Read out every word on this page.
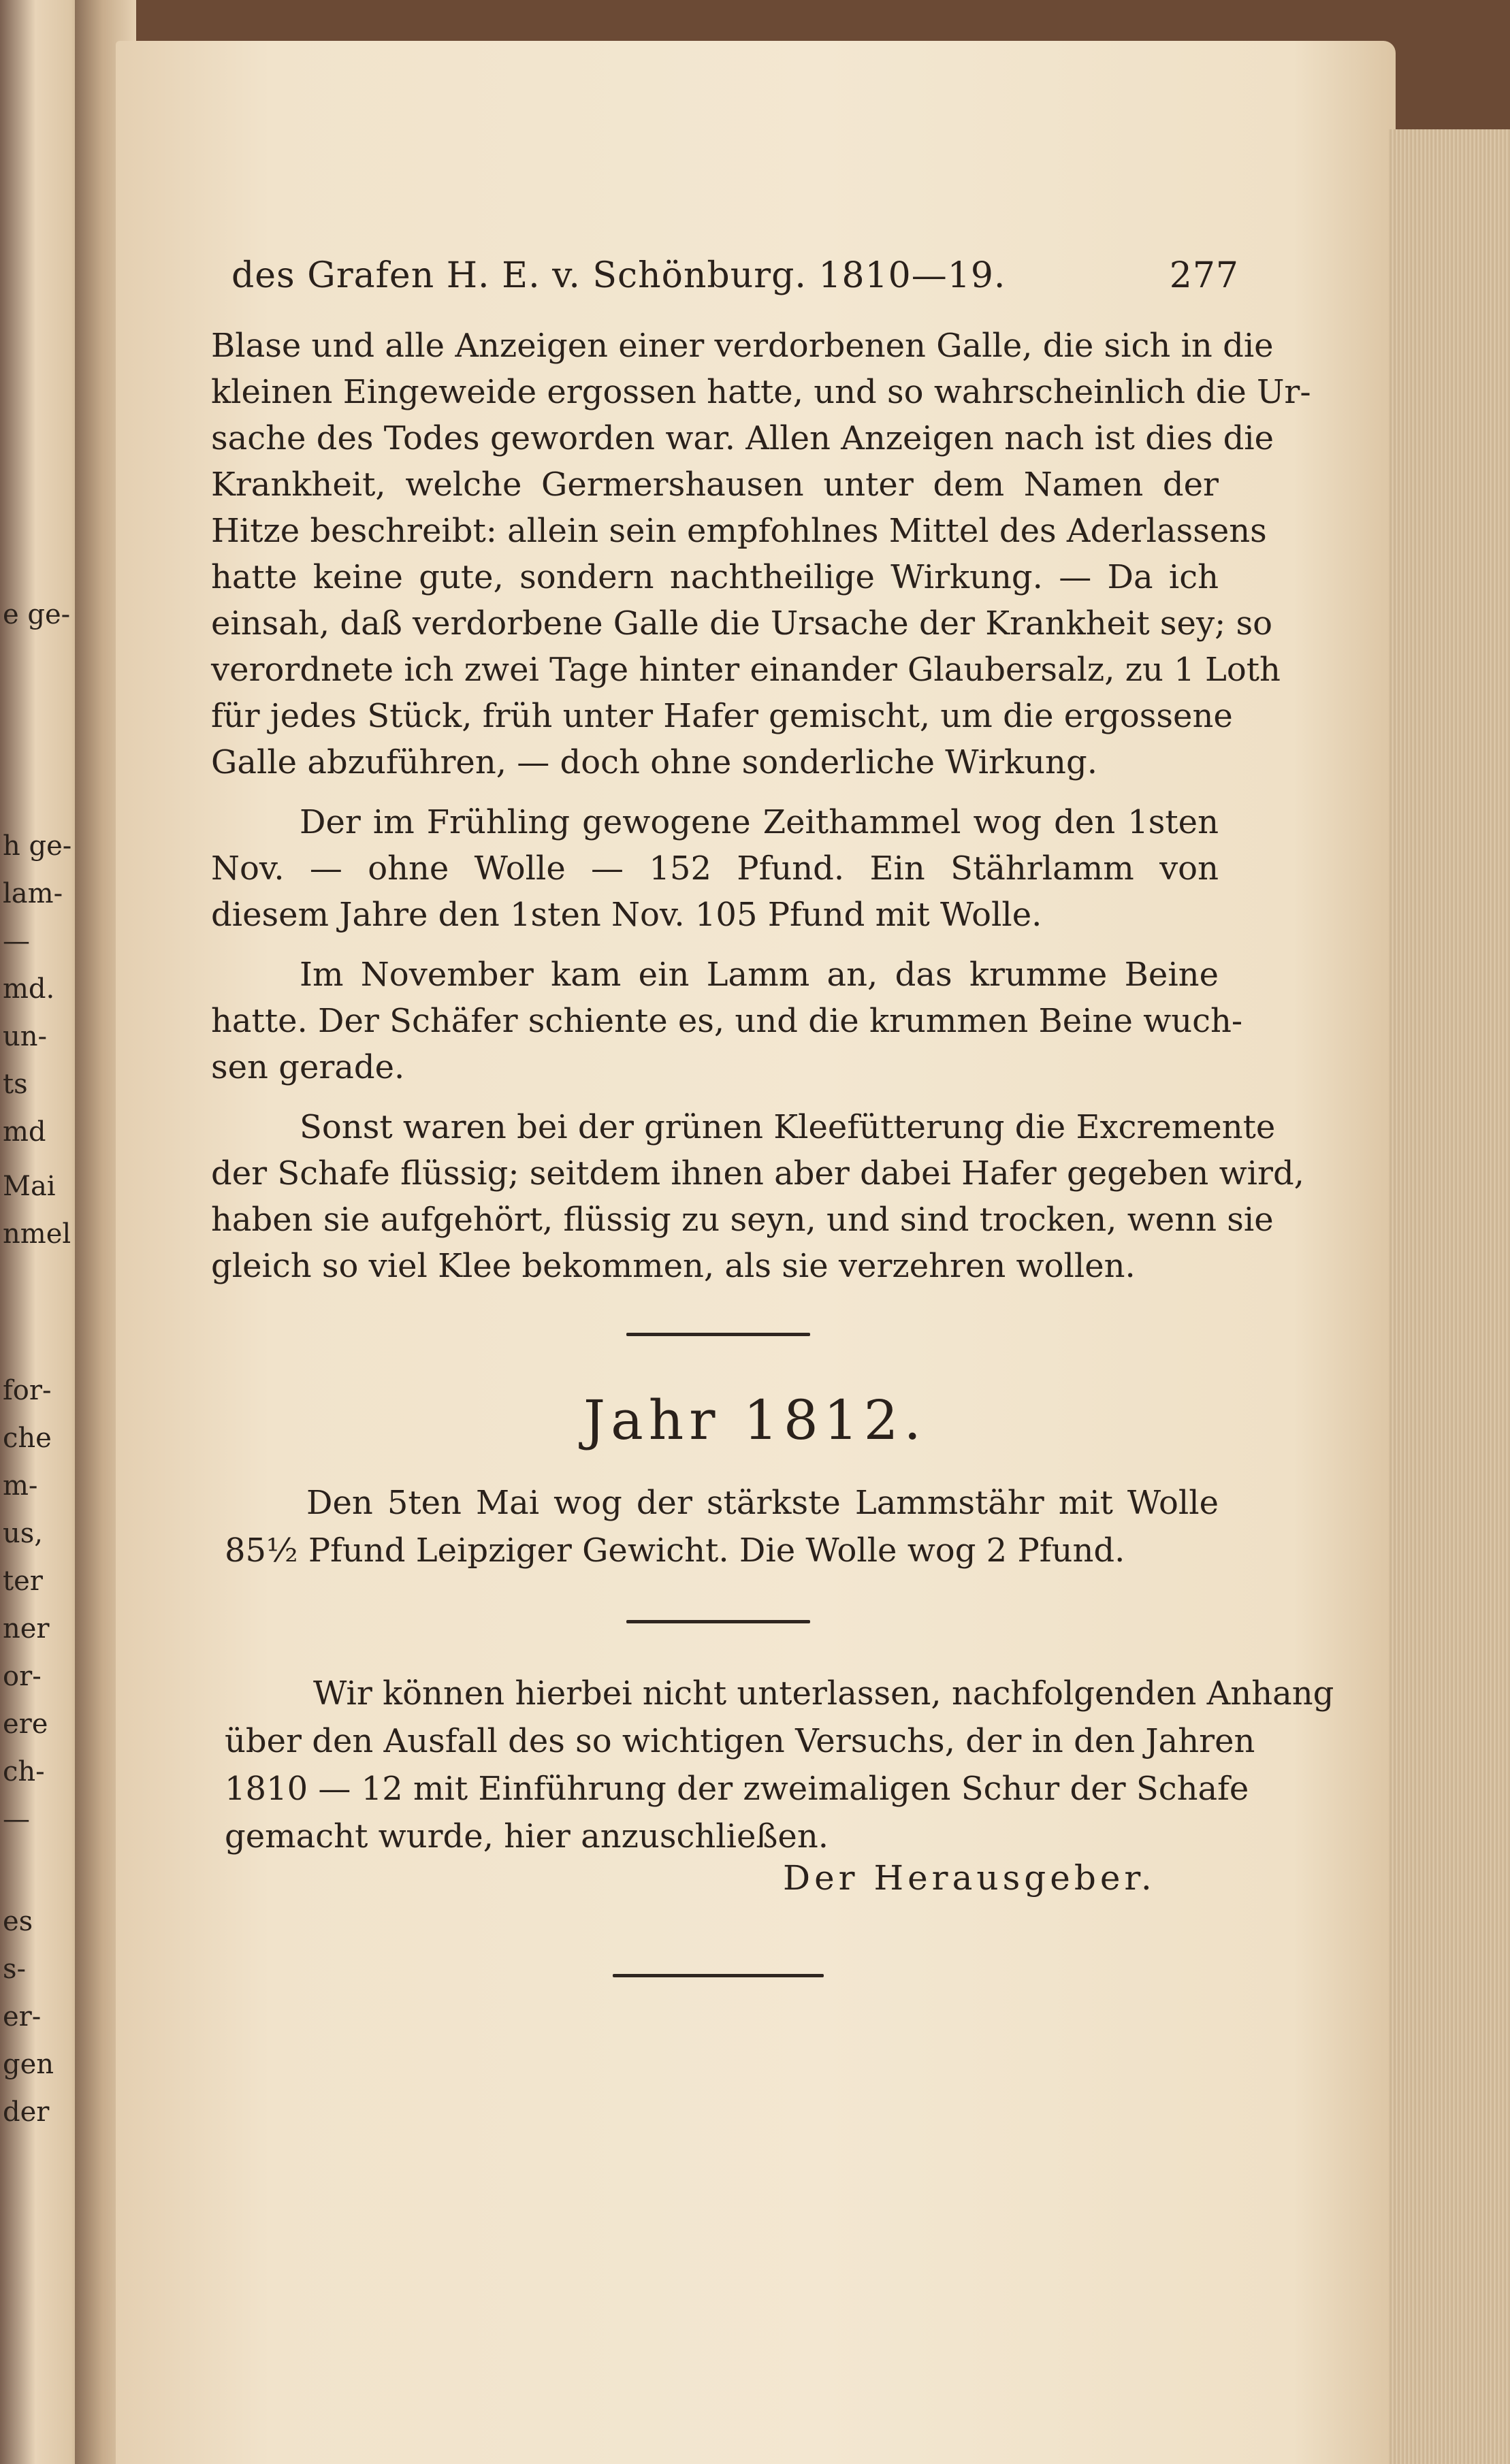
e ge-
h ge-
lam-
—
md.
un-
ts
md
Mai
nmel
for-
che
m-
us,
ter
ner
or-
ere
ch-
—
es
s-
er-
gen
der
des Grafen H. E. v. Schönburg. 1810—19.	277
Blase und alle Anzeigen einer verdorbenen Galle, die sich in die
kleinen Eingeweide ergossen hatte, und so wahrscheinlich die Ur-
sache des Todes geworden war. Allen Anzeigen nach ist dies die
Krankheit, welche Germershausen unter dem Namen der
Hitze beschreibt: allein sein empfohlnes Mittel des Aderlassens
hatte keine gute, sondern nachtheilige Wirkung. — Da ich
einsah, daß verdorbene Galle die Ursache der Krankheit sey; so
verordnete ich zwei Tage hinter einander Glaubersalz, zu 1 Loth
für jedes Stück, früh unter Hafer gemischt, um die ergossene
Galle abzuführen, — doch ohne sonderliche Wirkung.
Der im Frühling gewogene Zeithammel wog den 1sten
Nov. — ohne Wolle — 152 Pfund. Ein Stährlamm von
diesem Jahre den 1sten Nov. 105 Pfund mit Wolle.
Im November kam ein Lamm an, das krumme Beine
hatte. Der Schäfer schiente es, und die krummen Beine wuch-
sen gerade.
Sonst waren bei der grünen Kleefütterung die Excremente
der Schafe flüssig; seitdem ihnen aber dabei Hafer gegeben wird,
haben sie aufgehört, flüssig zu seyn, und sind trocken, wenn sie
gleich so viel Klee bekommen, als sie verzehren wollen.
Jahr 1812.
Den 5ten Mai wog der stärkste Lammstähr mit Wolle
85½ Pfund Leipziger Gewicht. Die Wolle wog 2 Pfund.
Wir können hierbei nicht unterlassen, nachfolgenden Anhang
über den Ausfall des so wichtigen Versuchs, der in den Jahren
1810 — 12 mit Einführung der zweimaligen Schur der Schafe
gemacht wurde, hier anzuschließen.
Der Herausgeber.
